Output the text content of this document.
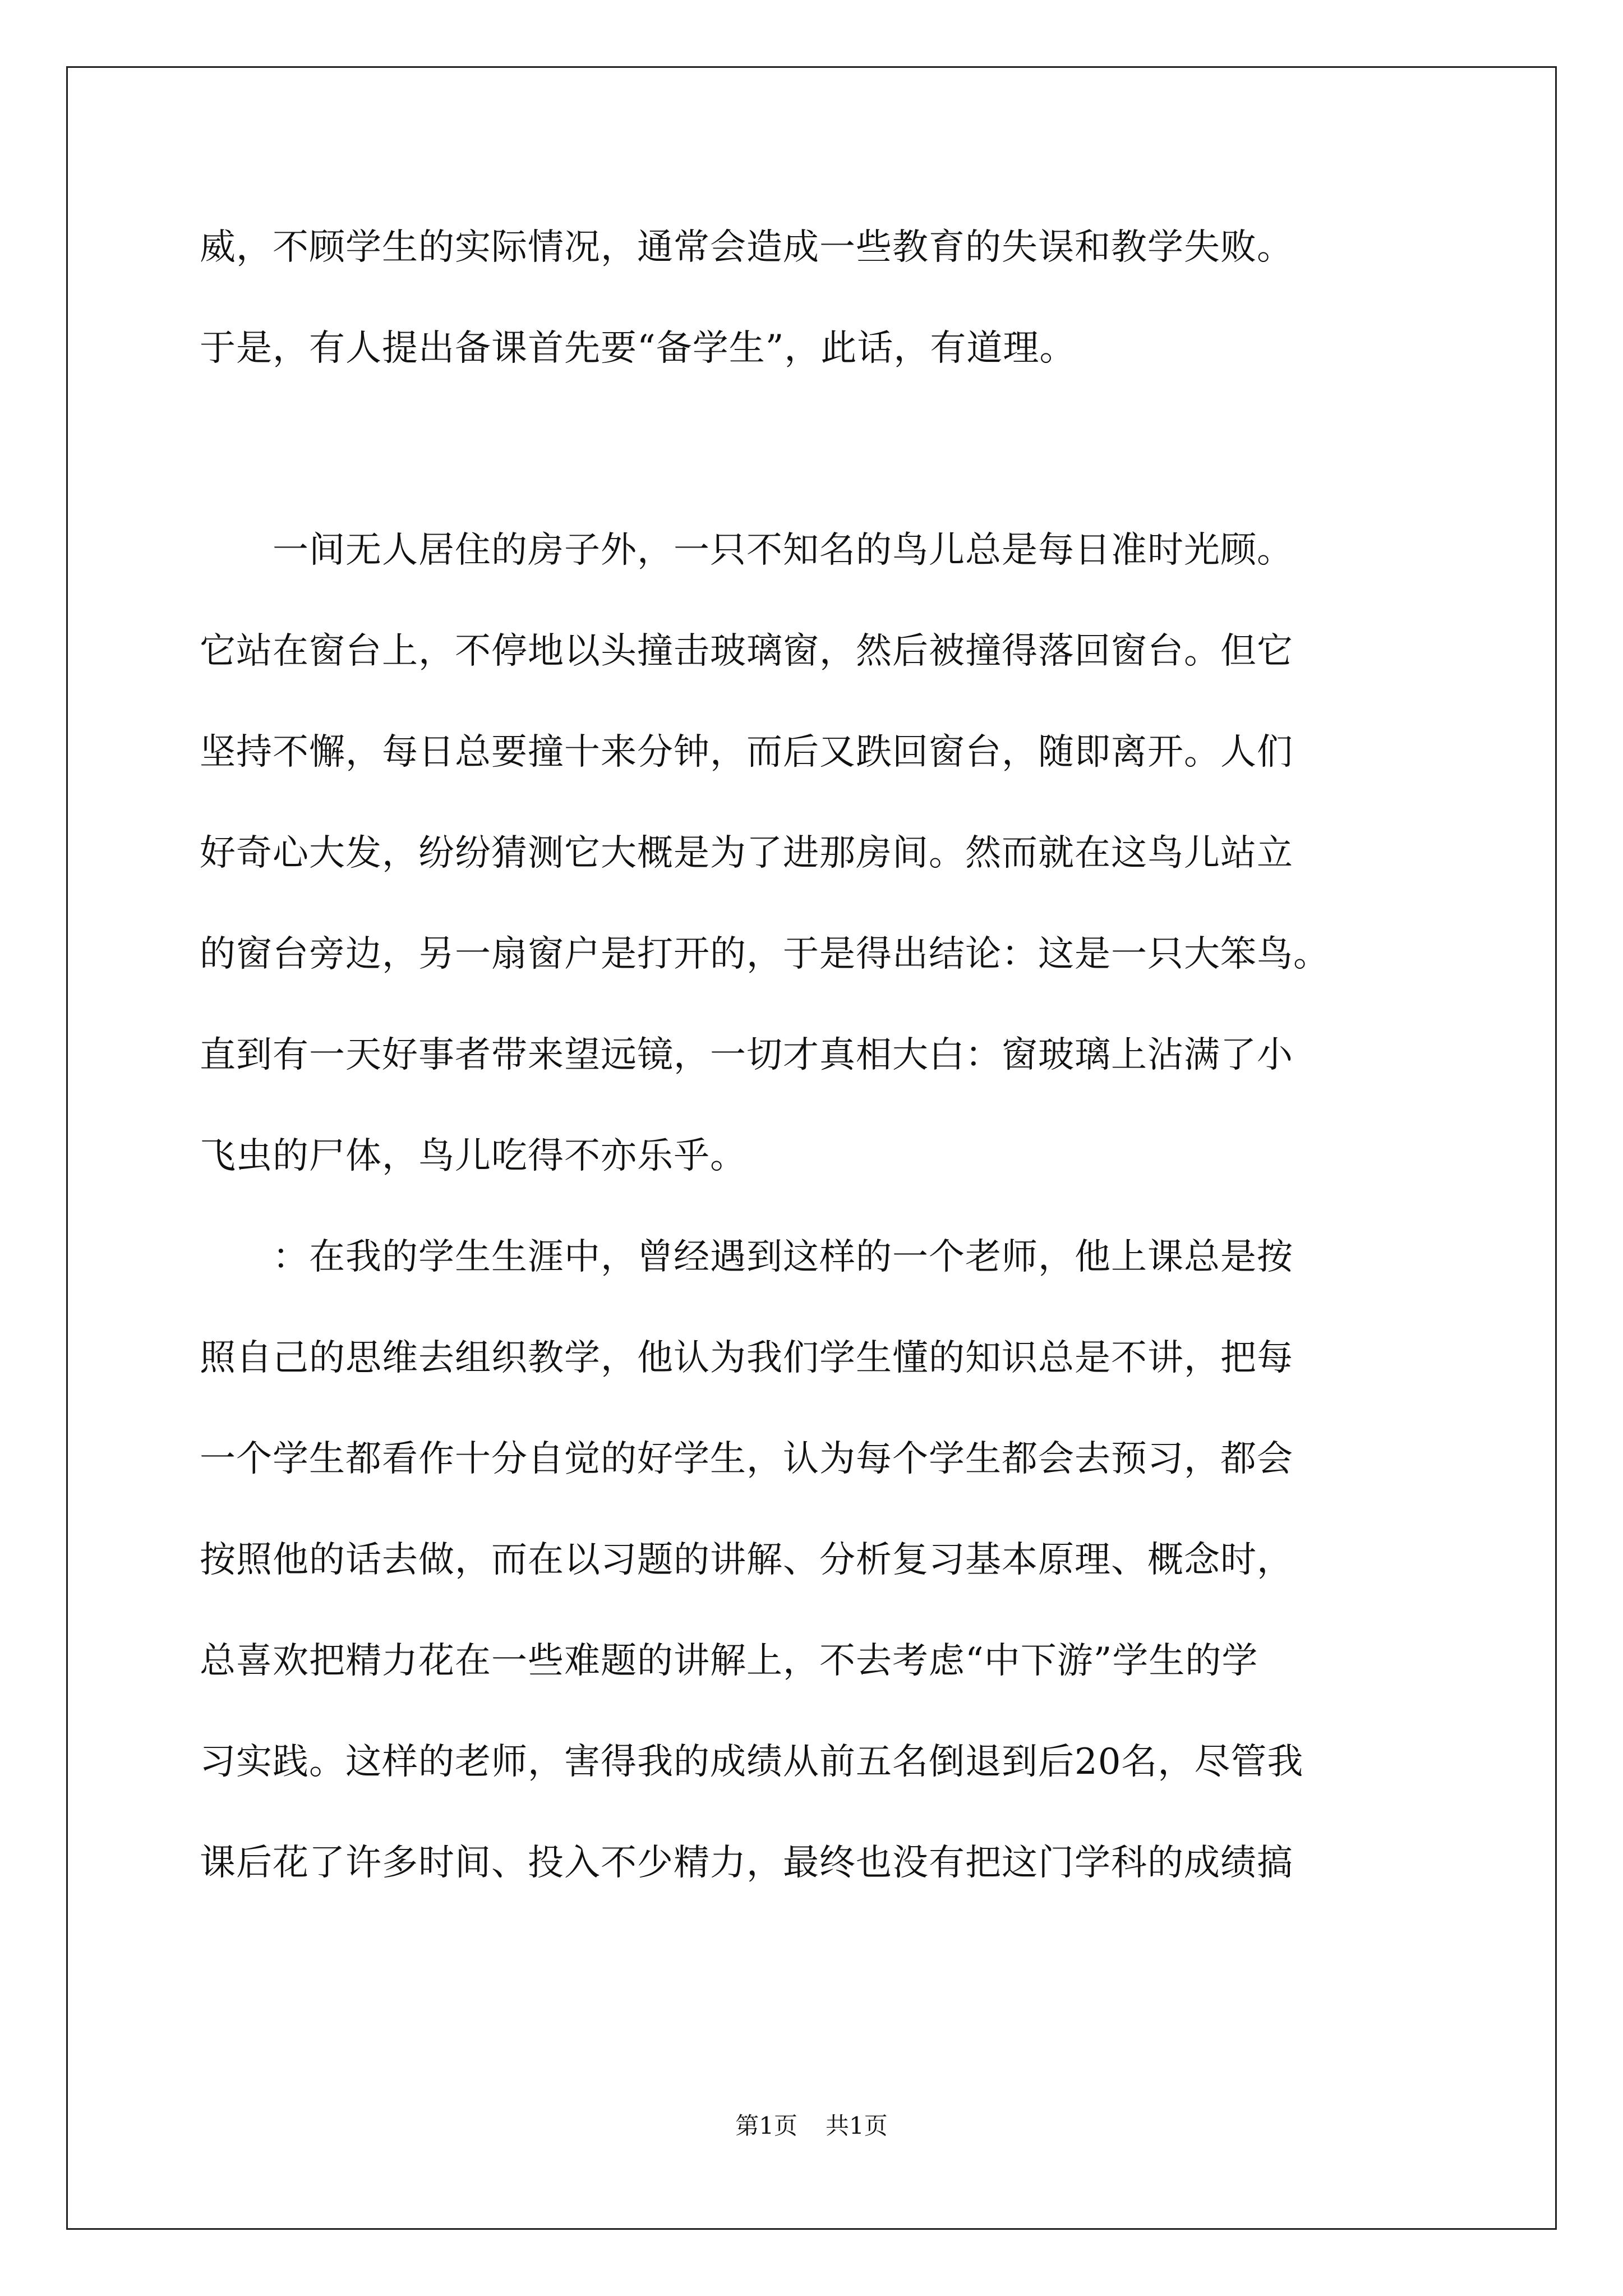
威，不顾学生的实际情况，通常会造成一些教育的失误和教学失败。
于是，有人提出备课首先要“备学生”，此话，有道理。
　　一间无人居住的房子外，一只不知名的鸟儿总是每日准时光顾。
它站在窗台上，不停地以头撞击玻璃窗，然后被撞得落回窗台。但它
坚持不懈，每日总要撞十来分钟，而后又跌回窗台，随即离开。人们
好奇心大发，纷纷猜测它大概是为了进那房间。然而就在这鸟儿站立
的窗台旁边，另一扇窗户是打开的，于是得出结论：这是一只大笨鸟。
直到有一天好事者带来望远镜，一切才真相大白：窗玻璃上沾满了小
飞虫的尸体，鸟儿吃得不亦乐乎。
　　：在我的学生生涯中，曾经遇到这样的一个老师，他上课总是按
照自己的思维去组织教学，他认为我们学生懂的知识总是不讲，把每
一个学生都看作十分自觉的好学生，认为每个学生都会去预习，都会
按照他的话去做，而在以习题的讲解、分析复习基本原理、概念时，
总喜欢把精力花在一些难题的讲解上，不去考虑“中下游”学生的学
习实践。这样的老师，害得我的成绩从前五名倒退到后20名，尽管我
课后花了许多时间、投入不少精力，最终也没有把这门学科的成绩搞
第1页 共1页
